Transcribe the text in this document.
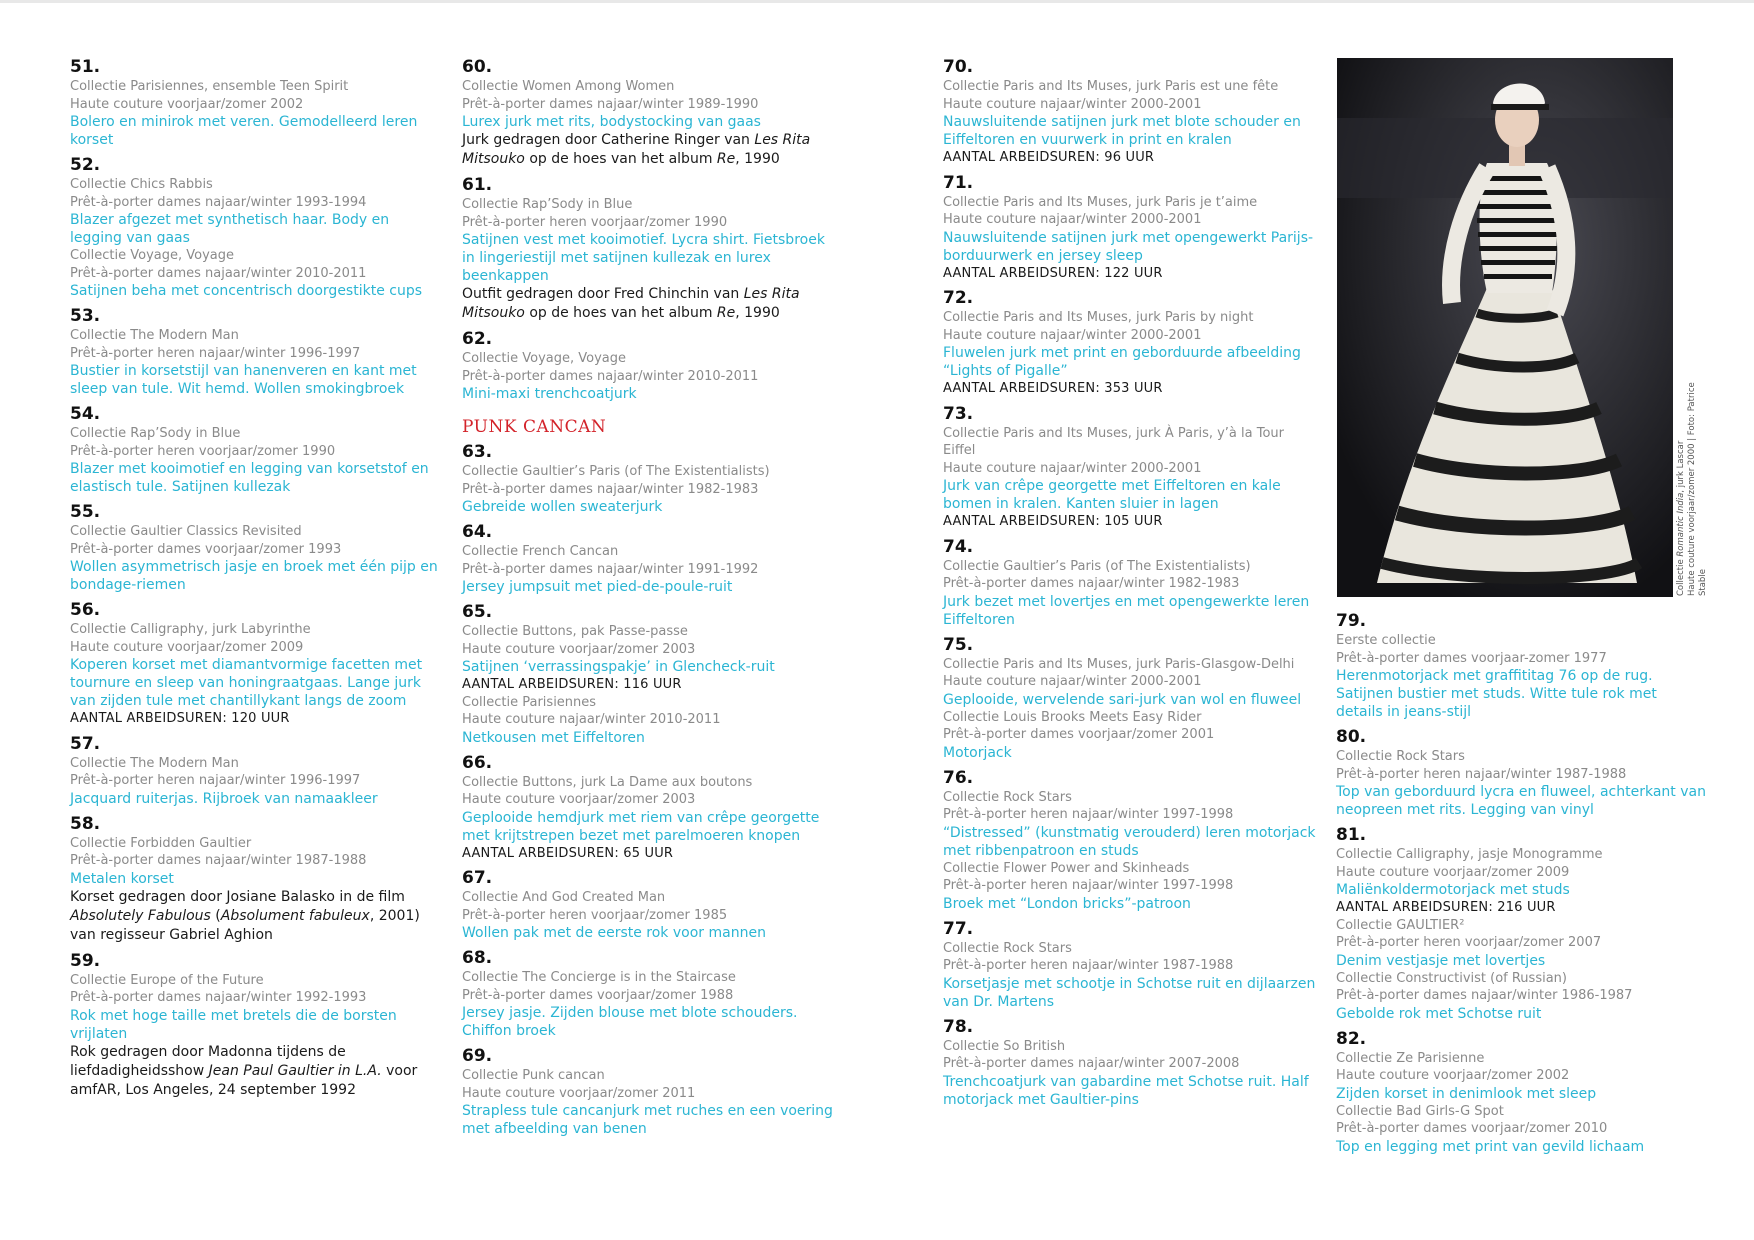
51.
Collectie Parisiennes, ensemble Teen Spirit
Haute couture voorjaar/zomer 2002
Bolero en minirok met veren. Gemodelleerd leren korset
52.
Collectie Chics Rabbis
Prêt-à-porter dames najaar/winter 1993-1994
Blazer afgezet met synthetisch haar. Body en legging van gaas
Collectie Voyage, Voyage
Prêt-à-porter dames najaar/winter 2010-2011
Satijnen beha met concentrisch doorgestikte cups
53.
Collectie The Modern Man
Prêt-à-porter heren najaar/winter 1996-1997
Bustier in korsetstijl van hanenveren en kant met sleep van tule. Wit hemd. Wollen smokingbroek
54.
Collectie Rap’Sody in Blue
Prêt-à-porter heren voorjaar/zomer 1990
Blazer met kooimotief en legging van korsetstof en elastisch tule. Satijnen kullezak
55.
Collectie Gaultier Classics Revisited
Prêt-à-porter dames voorjaar/zomer 1993
Wollen asymmetrisch jasje en broek met één pijp en bondage-riemen
56.
Collectie Calligraphy, jurk Labyrinthe
Haute couture voorjaar/zomer 2009
Koperen korset met diamantvormige facetten met tournure en sleep van honingraatgaas. Lange jurk van zijden tule met chantillykant langs de zoom
AANTAL ARBEIDSUREN: 120 UUR
57.
Collectie The Modern Man
Prêt-à-porter heren najaar/winter 1996-1997
Jacquard ruiterjas. Rijbroek van namaakleer
58.
Collectie Forbidden Gaultier
Prêt-à-porter dames najaar/winter 1987-1988
Metalen korset
Korset gedragen door Josiane Balasko in de film Absolutely Fabulous (Absolument fabuleux, 2001) van regisseur Gabriel Aghion
59.
Collectie Europe of the Future
Prêt-à-porter dames najaar/winter 1992-1993
Rok met hoge taille met bretels die de borsten vrijlaten
Rok gedragen door Madonna tijdens de liefdadigheidsshow Jean Paul Gaultier in L.A. voor amfAR, Los Angeles, 24 september 1992
60.
Collectie Women Among Women
Prêt-à-porter dames najaar/winter 1989-1990
Lurex jurk met rits, bodystocking van gaas
Jurk gedragen door Catherine Ringer van Les Rita Mitsouko op de hoes van het album Re, 1990
61.
Collectie Rap’Sody in Blue
Prêt-à-porter heren voorjaar/zomer 1990
Satijnen vest met kooimotief. Lycra shirt. Fietsbroek in lingeriestijl met satijnen kullezak en lurex beenkappen
Outfit gedragen door Fred Chinchin van Les Rita Mitsouko op de hoes van het album Re, 1990
62.
Collectie Voyage, Voyage
Prêt-à-porter dames najaar/winter 2010-2011
Mini-maxi trenchcoatjurk
PUNK CANCAN
63.
Collectie Gaultier’s Paris (of The Existentialists)
Prêt-à-porter dames najaar/winter 1982-1983
Gebreide wollen sweaterjurk
64.
Collectie French Cancan
Prêt-à-porter dames najaar/winter 1991-1992
Jersey jumpsuit met pied-de-poule-ruit
65.
Collectie Buttons, pak Passe-passe
Haute couture voorjaar/zomer 2003
Satijnen ‘verrassingspakje’ in Glencheck-ruit
AANTAL ARBEIDSUREN: 116 UUR
Collectie Parisiennes
Haute couture najaar/winter 2010-2011
Netkousen met Eiffeltoren
66.
Collectie Buttons, jurk La Dame aux boutons
Haute couture voorjaar/zomer 2003
Geplooide hemdjurk met riem van crêpe georgette met krijtstrepen bezet met parelmoeren knopen
AANTAL ARBEIDSUREN: 65 UUR
67.
Collectie And God Created Man
Prêt-à-porter heren voorjaar/zomer 1985
Wollen pak met de eerste rok voor mannen
68.
Collectie The Concierge is in the Staircase
Prêt-à-porter dames voorjaar/zomer 1988
Jersey jasje. Zijden blouse met blote schouders. Chiffon broek
69.
Collectie Punk cancan
Haute couture voorjaar/zomer 2011
Strapless tule cancanjurk met ruches en een voering met afbeelding van benen
70.
Collectie Paris and Its Muses, jurk Paris est une fête
Haute couture najaar/winter 2000-2001
Nauwsluitende satijnen jurk met blote schouder en Eiffeltoren en vuurwerk in print en kralen
AANTAL ARBEIDSUREN: 96 UUR
71.
Collectie Paris and Its Muses, jurk Paris je t’aime
Haute couture najaar/winter 2000-2001
Nauwsluitende satijnen jurk met opengewerkt Parijs-borduurwerk en jersey sleep
AANTAL ARBEIDSUREN: 122 UUR
72.
Collectie Paris and Its Muses, jurk Paris by night
Haute couture najaar/winter 2000-2001
Fluwelen jurk met print en geborduurde afbeelding “Lights of Pigalle”
AANTAL ARBEIDSUREN: 353 UUR
73.
Collectie Paris and Its Muses, jurk À Paris, y’à la Tour Eiffel
Haute couture najaar/winter 2000-2001
Jurk van crêpe georgette met Eiffeltoren en kale bomen in kralen. Kanten sluier in lagen
AANTAL ARBEIDSUREN: 105 UUR
74.
Collectie Gaultier’s Paris (of The Existentialists)
Prêt-à-porter dames najaar/winter 1982-1983
Jurk bezet met lovertjes en met opengewerkte leren Eiffeltoren
75.
Collectie Paris and Its Muses, jurk Paris-Glasgow-Delhi
Haute couture najaar/winter 2000-2001
Geplooide, wervelende sari-jurk van wol en fluweel
Collectie Louis Brooks Meets Easy Rider
Prêt-à-porter dames voorjaar/zomer 2001
Motorjack
76.
Collectie Rock Stars
Prêt-à-porter heren najaar/winter 1997-1998
“Distressed” (kunstmatig verouderd) leren motorjack met ribbenpatroon en studs
Collectie Flower Power and Skinheads
Prêt-à-porter heren najaar/winter 1997-1998
Broek met “London bricks”-patroon
77.
Collectie Rock Stars
Prêt-à-porter heren najaar/winter 1987-1988
Korsetjasje met schootje in Schotse ruit en dijlaarzen van Dr. Martens
78.
Collectie So British
Prêt-à-porter dames najaar/winter 2007-2008
Trenchcoatjurk van gabardine met Schotse ruit. Half motorjack met Gaultier-pins
Collectie Romantic India, jurk Lascar Haute couture voorjaar/zomer 2000 | Foto: Patrice Stable
79.
Eerste collectie
Prêt-à-porter dames voorjaar-zomer 1977
Herenmotorjack met graffititag 76 op de rug. Satijnen bustier met studs. Witte tule rok met details in jeans-stijl
80.
Collectie Rock Stars
Prêt-à-porter heren najaar/winter 1987-1988
Top van geborduurd lycra en fluweel, achterkant van neopreen met rits. Legging van vinyl
81.
Collectie Calligraphy, jasje Monogramme
Haute couture voorjaar/zomer 2009
Maliënkoldermotorjack met studs
AANTAL ARBEIDSUREN: 216 UUR
Collectie GAULTIER²
Prêt-à-porter heren voorjaar/zomer 2007
Denim vestjasje met lovertjes
Collectie Constructivist (of Russian)
Prêt-à-porter dames najaar/winter 1986-1987
Gebolde rok met Schotse ruit
82.
Collectie Ze Parisienne
Haute couture voorjaar/zomer 2002
Zijden korset in denimlook met sleep
Collectie Bad Girls-G Spot
Prêt-à-porter dames voorjaar/zomer 2010
Top en legging met print van gevild lichaam
